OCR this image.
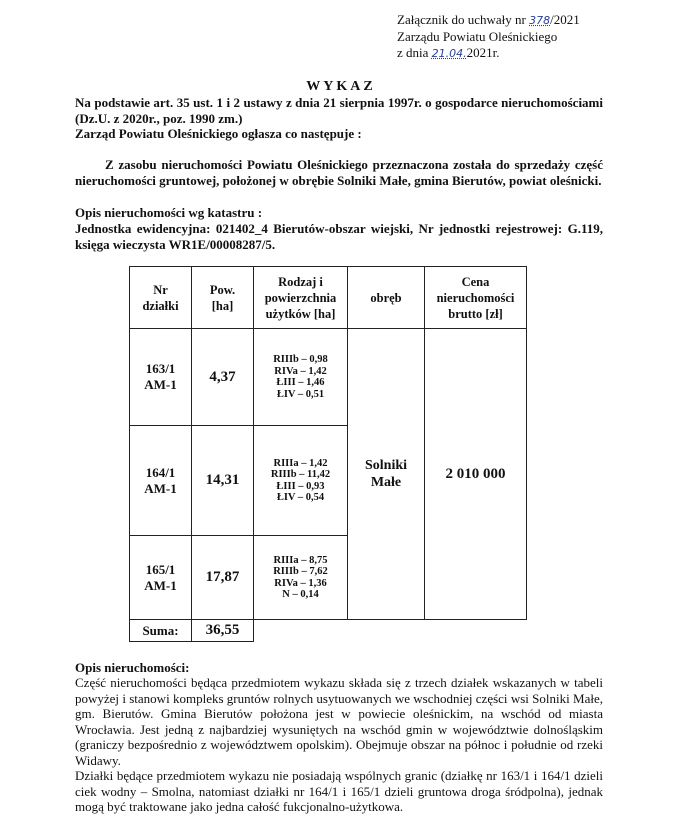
Załącznik do uchwały nr 378/2021
Zarządu Powiatu Oleśnickiego
z dnia 21.04.2021r.
WYKAZ
Na podstawie art. 35 ust. 1 i 2 ustawy z dnia 21 sierpnia 1997r. o gospodarce nieruchomościami (Dz.U. z 2020r., poz. 1990 zm.)
Zarząd Powiatu Oleśnickiego ogłasza co następuje :
Z zasobu nieruchomości Powiatu Oleśnickiego przeznaczona została do sprzedaży część nieruchomości gruntowej, położonej w obrębie Solniki Małe, gmina Bierutów, powiat oleśnicki.
Opis nieruchomości wg katastru :
Jednostka ewidencyjna: 021402_4 Bierutów-obszar wiejski, Nr jednostki rejestrowej: G.119, księga wieczysta WR1E/00008287/5.
Nr
działki	Pow.
[ha]	Rodzaj i
powierzchnia
użytków [ha]	obręb	Cena
nieruchomości
brutto [zł]

163/1
AM-1	4,37	RIIIb – 0,98
RIVa – 1,42
ŁIII – 1,46
ŁIV – 0,51	Solniki
Małe	2 010 000

164/1
AM-1	14,31	RIIIa – 1,42
RIIIb – 11,42
ŁIII – 0,93
ŁIV – 0,54		

165/1
AM-1	17,87	RIIIa – 8,75
RIIIb – 7,62
RIVa – 1,36
N – 0,14		

Suma:	36,55			
Opis nieruchomości:
Część nieruchomości będąca przedmiotem wykazu składa się z trzech działek wskazanych w tabeli powyżej i stanowi kompleks gruntów rolnych usytuowanych we wschodniej części wsi Solniki Małe, gm. Bierutów. Gmina Bierutów położona jest w powiecie oleśnickim, na wschód od miasta Wrocławia. Jest jedną z najbardziej wysuniętych na wschód gmin w województwie dolnośląskim (graniczy bezpośrednio z województwem opolskim). Obejmuje obszar na północ i południe od rzeki Widawy.
Działki będące przedmiotem wykazu nie posiadają wspólnych granic (działkę nr 163/1 i 164/1 dzieli ciek wodny – Smolna, natomiast działki nr 164/1 i 165/1 dzieli gruntowa droga śródpolna), jednak mogą być traktowane jako jedna całość fukcjonalno-użytkowa.
